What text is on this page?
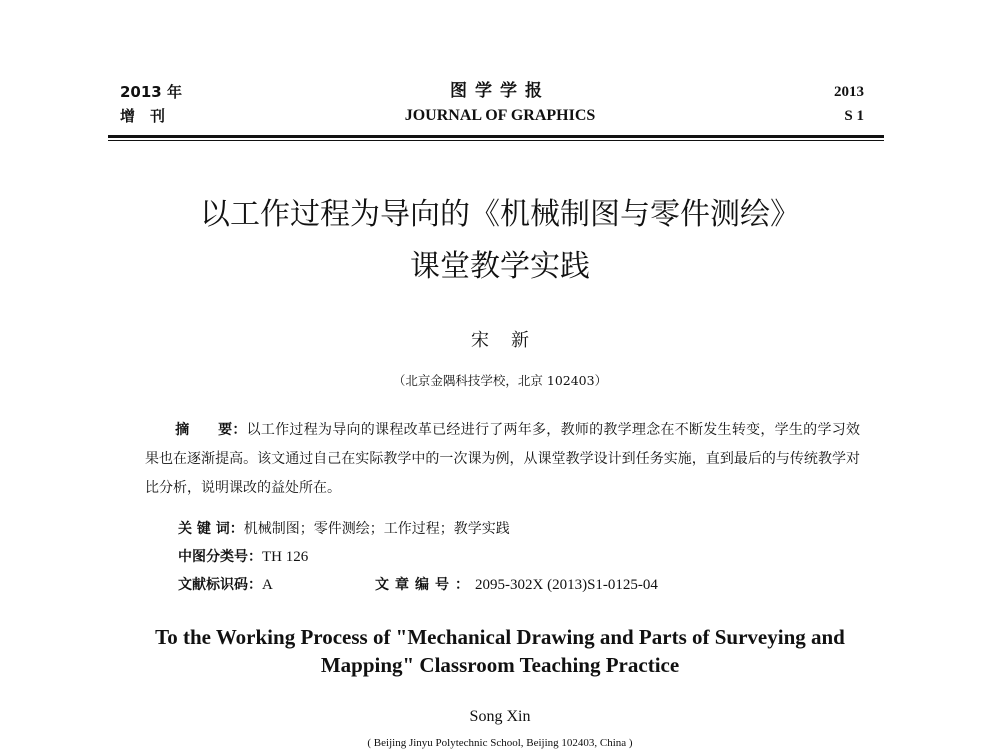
2013 年
增　刊
图学学报
JOURNAL OF GRAPHICS
2013
S 1
以工作过程为导向的《机械制图与零件测绘》
课堂教学实践
宋新
（北京金隅科技学校，北京 102403）
摘　　要：以工作过程为导向的课程改革已经进行了两年多，教师的教学理念在不断发生转变，学生的学习效果也在逐渐提高。该文通过自己在实际教学中的一次课为例，从课堂教学设计到任务实施，直到最后的与传统教学对比分析，说明课改的益处所在。
关 键 词：机械制图；零件测绘；工作过程；教学实践
中图分类号：TH 126
文献标识码：A	文章编号：2095-302X (2013)S1-0125-04
To the Working Process of "Mechanical Drawing and Parts of Surveying and
Mapping" Classroom Teaching Practice
Song Xin
( Beijing Jinyu Polytechnic School, Beijing 102403, China )
